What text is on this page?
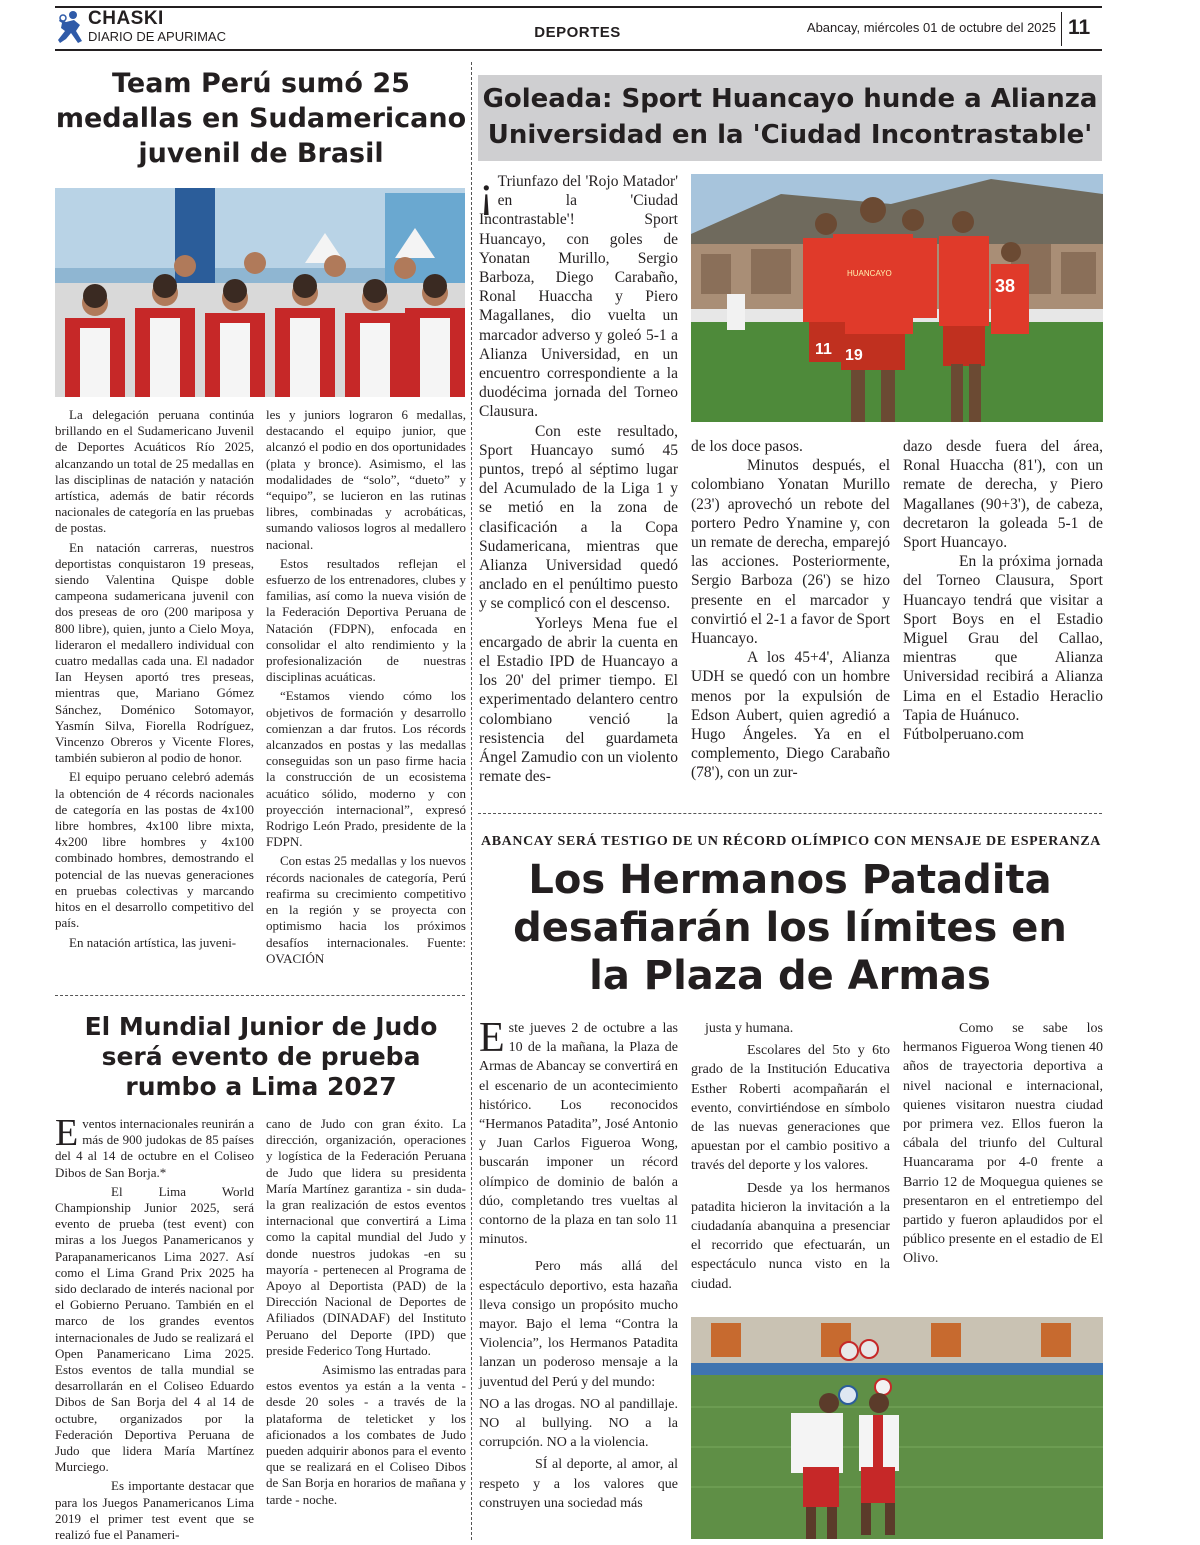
CHASKI
DIARIO DE APURIMAC	DEPORTES	Abancay, miércoles 01 de octubre del 2025 11
Team Perú sumó 25 medallas en Sudamericano juvenil de Brasil

La delegación peruana continúa brillando en el Sudamericano Juvenil de Deportes Acuáticos Río 2025, alcanzando un total de 25 medallas en las disciplinas de natación y natación artística, además de batir récords nacionales de categoría en las pruebas de postas.

En natación carreras, nuestros deportistas conquistaron 19 preseas, siendo Valentina Quispe doble campeona sudamericana juvenil con dos preseas de oro (200 mariposa y 800 libre), quien, junto a Cielo Moya, lideraron el medallero individual con cuatro medallas cada una. El nadador Ian Heysen aportó tres preseas, mientras que, Mariano Gómez Sánchez, Doménico Sotomayor, Yasmín Silva, Fiorella Rodríguez, Vincenzo Obreros y Vicente Flores, también subieron al podio de honor.

El equipo peruano celebró además la obtención de 4 récords nacionales de categoría en las postas de 4x100 libre hombres, 4x100 libre mixta, 4x200 libre hombres y 4x100 combinado hombres, demostrando el potencial de las nuevas generaciones en pruebas colectivas y marcando hitos en el desarrollo competitivo del país.

En natación artística, las juveni-

les y juniors lograron 6 medallas, destacando el equipo junior, que alcanzó el podio en dos oportunidades (plata y bronce). Asimismo, el las modalidades de “solo”, “dueto” y “equipo”, se lucieron en las rutinas libres, combinadas y acrobáticas, sumando valiosos logros al medallero nacional.

Estos resultados reflejan el esfuerzo de los entrenadores, clubes y familias, así como la nueva visión de la Federación Deportiva Peruana de Natación (FDPN), enfocada en consolidar el alto rendimiento y la profesionalización de nuestras disciplinas acuáticas.

“Estamos viendo cómo los objetivos de formación y desarrollo comienzan a dar frutos. Los récords alcanzados en postas y las medallas conseguidas son un paso firme hacia la construcción de un ecosistema acuático sólido, moderno y con proyección internacional”, expresó Rodrigo León Prado, presidente de la FDPN.

Con estas 25 medallas y los nuevos récords nacionales de categoría, Perú reafirma su crecimiento competitivo en la región y se proyecta con optimismo hacia los próximos desafíos internacionales. Fuente: OVACIÓN

Goleada: Sport Huancayo hunde a Alianza Universidad en la 'Ciudad Incontrastable'
11 19
38
HUANCAYO
¡ Triunfazo del 'Rojo Matador' en la 'Ciudad Incontrastable'! Sport Huancayo, con goles de Yonatan Murillo, Sergio Barboza, Diego Carabaño, Ronal Huaccha y Piero Magallanes, dio vuelta un marcador adverso y goleó 5-1 a Alianza Universidad, en un encuentro correspondiente a la duodécima jornada del Torneo Clausura.

Con este resultado, Sport Huancayo sumó 45 puntos, trepó al séptimo lugar del Acumulado de la Liga 1 y se metió en la zona de clasificación a la Copa Sudamericana, mientras que Alianza Universidad quedó anclado en el penúltimo puesto y se complicó con el descenso.

Yorleys Mena fue el encargado de abrir la cuenta en el Estadio IPD de Huancayo a los 20' del primer tiempo. El experimentado delantero centro colombiano venció la resistencia del guardameta Ángel Zamudio con un violento remate des-

de los doce pasos.

Minutos después, el colombiano Yonatan Murillo (23') aprovechó un rebote del portero Pedro Ynamine y, con un remate de derecha, emparejó las acciones. Posteriormente, Sergio Barboza (26') se hizo presente en el marcador y convirtió el 2-1 a favor de Sport Huancayo.

A los 45+4', Alianza UDH se quedó con un hombre menos por la expulsión de Edson Aubert, quien agredió a Hugo Ángeles. Ya en el complemento, Diego Carabaño (78'), con un zur-

dazo desde fuera del área, Ronal Huaccha (81'), con un remate de derecha, y Piero Magallanes (90+3'), de cabeza, decretaron la goleada 5-1 de Sport Huancayo.

En la próxima jornada del Torneo Clausura, Sport Huancayo tendrá que visitar a Sport Boys en el Estadio Miguel Grau del Callao, mientras que Alianza Universidad recibirá a Alianza Lima en el Estadio Heraclio Tapia de Huánuco.

Fútbolperuano.com

ABANCAY SERÁ TESTIGO DE UN RÉCORD OLÍMPICO CON MENSAJE DE ESPERANZA
Los Hermanos Patadita desafiarán los límites en la Plaza de Armas
E ste jueves 2 de octubre a las 10 de la mañana, la Plaza de Armas de Abancay se convertirá en el escenario de un acontecimiento histórico. Los reconocidos “Hermanos Patadita”, José Antonio y Juan Carlos Figueroa Wong, buscarán imponer un récord olímpico de dominio de balón a dúo, completando tres vueltas al contorno de la plaza en tan solo 11 minutos.

Pero más allá del espectáculo deportivo, esta hazaña lleva consigo un propósito mucho mayor. Bajo el lema “Contra la Violencia”, los Hermanos Patadita lanzan un poderoso mensaje a la juventud del Perú y del mundo:

NO a las drogas. NO al pandillaje. NO al bullying. NO a la corrupción. NO a la violencia.

SÍ al deporte, al amor, al respeto y a los valores que construyen una sociedad más

justa y humana.

Escolares del 5to y 6to grado de la Institución Educativa Esther Roberti acompañarán el evento, convirtiéndose en símbolo de las nuevas generaciones que apuestan por el cambio positivo a través del deporte y los valores.

Desde ya los hermanos patadita hicieron la invitación a la ciudadanía abanquina a presenciar el recorrido que efectuarán, un espectáculo nunca visto en la ciudad.

Como se sabe los hermanos Figueroa Wong tienen 40 años de trayectoria deportiva a nivel nacional e internacional, quienes visitaron nuestra ciudad por primera vez. Ellos fueron la cábala del triunfo del Cultural Huancarama por 4-0 frente a Barrio 12 de Moquegua quienes se presentaron en el entretiempo del partido y fueron aplaudidos por el público presente en el estadio de El Olivo.

El Mundial Junior de Judo será evento de prueba rumbo a Lima 2027
E ventos internacionales reunirán a más de 900 judokas de 85 países del 4 al 14 de octubre en el Coliseo Dibos de San Borja.*

El Lima World Championship Junior 2025, será evento de prueba (test event) con miras a los Juegos Panamericanos y Parapanamericanos Lima 2027. Así como el Lima Grand Prix 2025 ha sido declarado de interés nacional por el Gobierno Peruano. También en el marco de los grandes eventos internacionales de Judo se realizará el Open Panamericano Lima 2025. Estos eventos de talla mundial se desarrollarán en el Coliseo Eduardo Dibos de San Borja del 4 al 14 de octubre, organizados por la Federación Deportiva Peruana de Judo que lidera María Martínez Murciego.

Es importante destacar que para los Juegos Panamericanos Lima 2019 el primer test event que se realizó fue el Panameri-

cano de Judo con gran éxito. La dirección, organización, operaciones y logística de la Federación Peruana de Judo que lidera su presidenta María Martínez garantiza - sin duda- la gran realización de estos eventos internacional que convertirá a Lima como la capital mundial del Judo y donde nuestros judokas -en su mayoría - pertenecen al Programa de Apoyo al Deportista (PAD) de la Dirección Nacional de Deportes de Afiliados (DINADAF) del Instituto Peruano del Deporte (IPD) que preside Federico Tong Hurtado.

Asimismo las entradas para estos eventos ya están a la venta - desde 20 soles - a través de la plataforma de teleticket y los aficionados a los combates de Judo pueden adquirir abonos para el evento que se realizará en el Coliseo Dibos de San Borja en horarios de mañana y tarde - noche.
